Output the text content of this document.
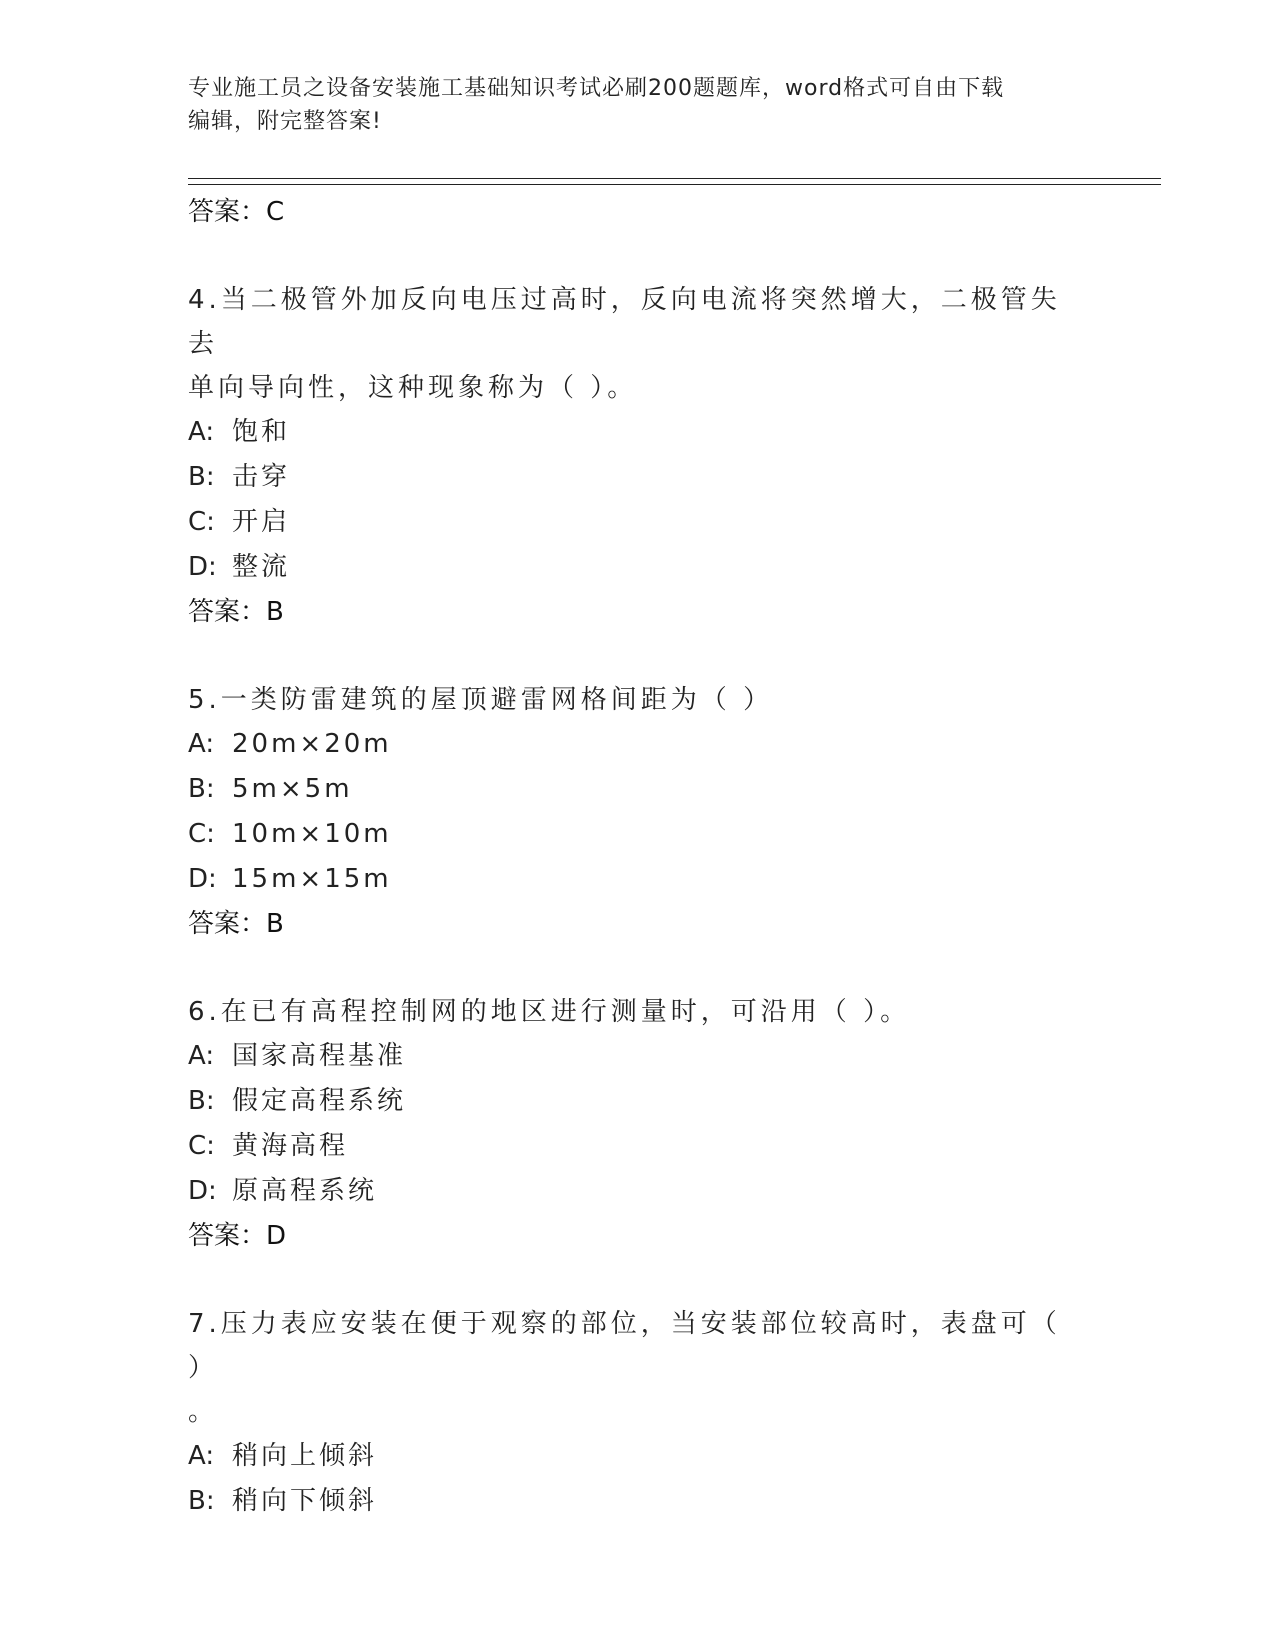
专业施工员之设备安装施工基础知识考试必刷200题题库，word格式可自由下载
编辑，附完整答案!
答案：C
4.当二极管外加反向电压过高时，反向电流将突然增大，二极管失去
单向导向性，这种现象称为（ ）。
A: 饱和
B: 击穿
C: 开启
D: 整流
答案：B
5.一类防雷建筑的屋顶避雷网格间距为（ ）
A: 20m×20m
B: 5m×5m
C: 10m×10m
D: 15m×15m
答案：B
6.在已有高程控制网的地区进行测量时，可沿用（ ）。
A: 国家高程基准
B: 假定高程系统
C: 黄海高程
D: 原高程系统
答案：D
7.压力表应安装在便于观察的部位，当安装部位较高时，表盘可（ ）
。
A: 稍向上倾斜
B: 稍向下倾斜
